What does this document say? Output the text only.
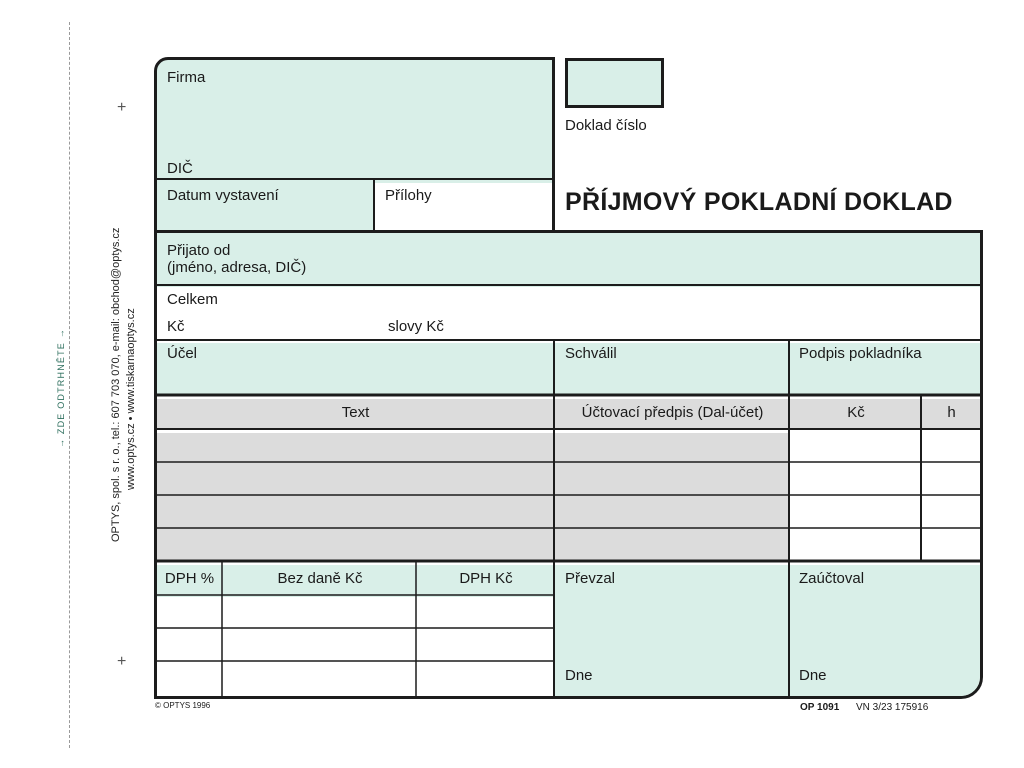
→ ZDE ODTRHNĚTE →	OPTYS, spol. s r. o., tel.: 607 703 070, e-mail: obchod@optys.cz www.optys.cz • www.tiskarnaoptys.cz
+
+
Firma
DIČ
Datum vystavení	Přílohy
Doklad číslo
PŘÍJMOVÝ POKLADNÍ DOKLAD
Přijato od
(jméno, adresa, DIČ)
Celkem
Kč	slovy Kč
Účel	Schválil	Podpis pokladníka
Text	Účtovací předpis (Dal-účet)	Kč	h
DPH %	Bez daně Kč	DPH Kč	Převzal	Zaúčtoval
Dne	Dne
© OPTYS 1996	OP 1091 VN 3/23 175916
